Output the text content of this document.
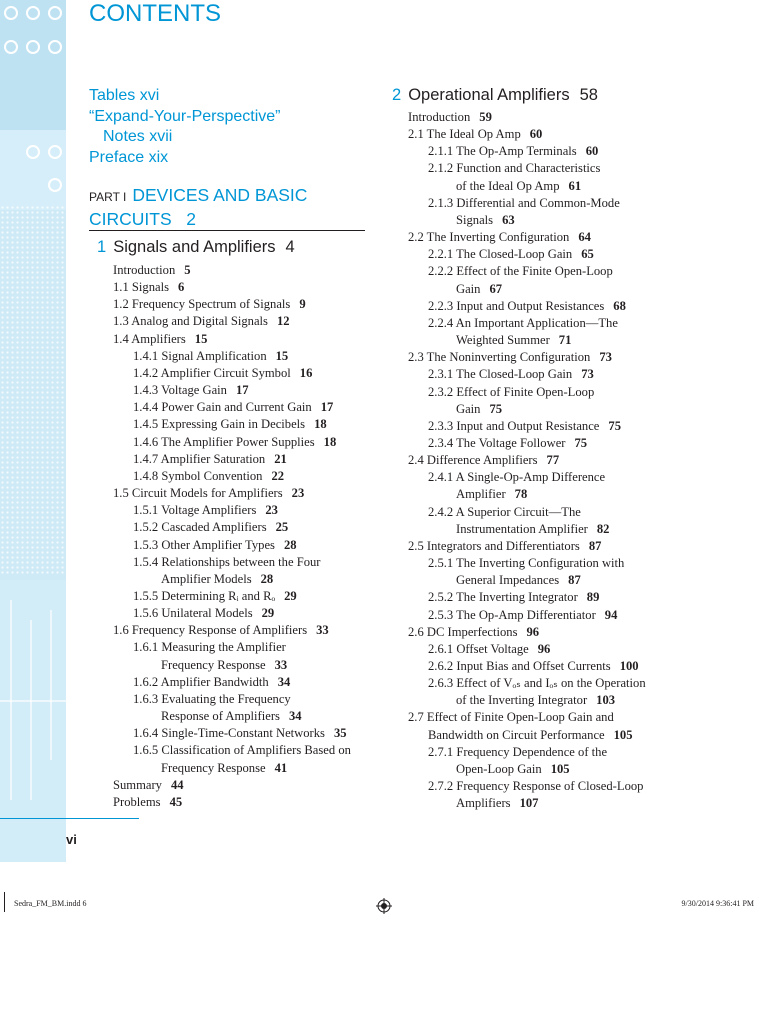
CONTENTS
Tables xvi
“Expand-Your-Perspective”
Notes xvii
Preface xix
PART I DEVICES AND BASIC
CIRCUITS 2
1 Signals and Amplifiers 4
Introduction 5
1.1 Signals 6
1.2 Frequency Spectrum of Signals 9
1.3 Analog and Digital Signals 12
1.4 Amplifiers 15
1.4.1 Signal Amplification 15
1.4.2 Amplifier Circuit Symbol 16
1.4.3 Voltage Gain 17
1.4.4 Power Gain and Current Gain 17
1.4.5 Expressing Gain in Decibels 18
1.4.6 The Amplifier Power Supplies 18
1.4.7 Amplifier Saturation 21
1.4.8 Symbol Convention 22
1.5 Circuit Models for Amplifiers 23
1.5.1 Voltage Amplifiers 23
1.5.2 Cascaded Amplifiers 25
1.5.3 Other Amplifier Types 28
1.5.4 Relationships between the Four
Amplifier Models 28
1.5.5 Determining Rᵢ and Rₒ 29
1.5.6 Unilateral Models 29
1.6 Frequency Response of Amplifiers 33
1.6.1 Measuring the Amplifier
Frequency Response 33
1.6.2 Amplifier Bandwidth 34
1.6.3 Evaluating the Frequency
Response of Amplifiers 34
1.6.4 Single-Time-Constant Networks 35
1.6.5 Classification of Amplifiers Based on
Frequency Response 41
Summary 44
Problems 45
2 Operational Amplifiers 58
Introduction 59
2.1 The Ideal Op Amp 60
2.1.1 The Op-Amp Terminals 60
2.1.2 Function and Characteristics
of the Ideal Op Amp 61
2.1.3 Differential and Common-Mode
Signals 63
2.2 The Inverting Configuration 64
2.2.1 The Closed-Loop Gain 65
2.2.2 Effect of the Finite Open-Loop
Gain 67
2.2.3 Input and Output Resistances 68
2.2.4 An Important Application—The
Weighted Summer 71
2.3 The Noninverting Configuration 73
2.3.1 The Closed-Loop Gain 73
2.3.2 Effect of Finite Open-Loop
Gain 75
2.3.3 Input and Output Resistance 75
2.3.4 The Voltage Follower 75
2.4 Difference Amplifiers 77
2.4.1 A Single-Op-Amp Difference
Amplifier 78
2.4.2 A Superior Circuit—The
Instrumentation Amplifier 82
2.5 Integrators and Differentiators 87
2.5.1 The Inverting Configuration with
General Impedances 87
2.5.2 The Inverting Integrator 89
2.5.3 The Op-Amp Differentiator 94
2.6 DC Imperfections 96
2.6.1 Offset Voltage 96
2.6.2 Input Bias and Offset Currents 100
2.6.3 Effect of Vₒₛ and Iₒₛ on the Operation
of the Inverting Integrator 103
2.7 Effect of Finite Open-Loop Gain and
Bandwidth on Circuit Performance 105
2.7.1 Frequency Dependence of the
Open-Loop Gain 105
2.7.2 Frequency Response of Closed-Loop
Amplifiers 107
vi
Sedra_FM_BM.indd 6	9/30/2014 9:36:41 PM
